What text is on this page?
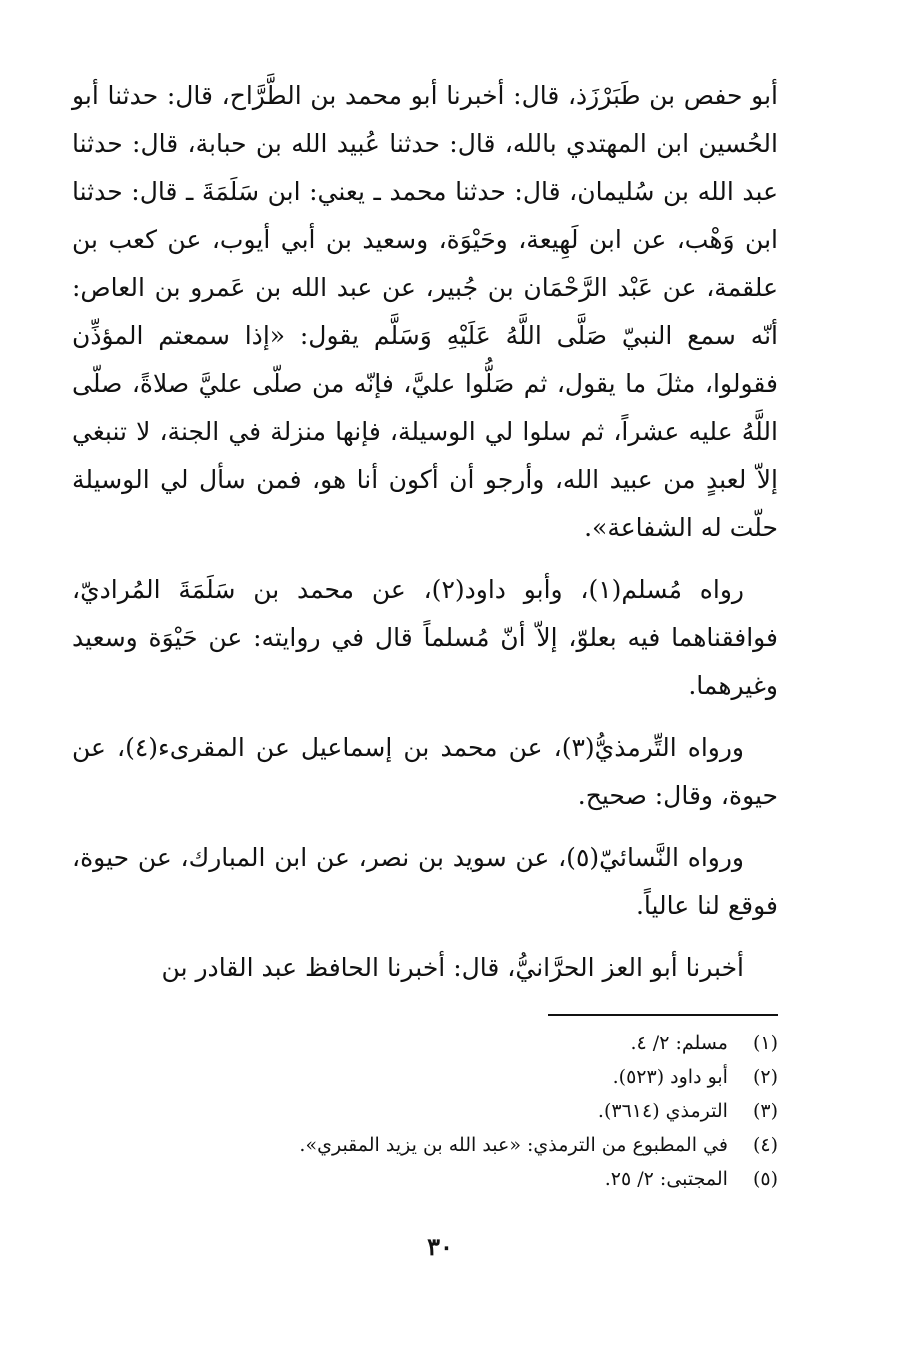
أبو حفص بن طَبَرْزَذ، قال: أخبرنا أبو محمد بن الطَّرَّاح، قال: حدثنا أبو الحُسين ابن المهتدي بالله، قال: حدثنا عُبيد الله بن حبابة، قال: حدثنا عبد الله بن سُليمان، قال: حدثنا محمد ـ يعني: ابن سَلَمَةَ ـ قال: حدثنا ابن وَهْب، عن ابن لَهِيعة، وحَيْوَة، وسعيد بن أبي أيوب، عن كعب بن علقمة، عن عَبْد الرَّحْمَان بن جُبير، عن عبد الله بن عَمرو بن العاص: أنّه سمع النبيّ صَلَّى اللَّهُ عَلَيْهِ وَسَلَّم يقول: «إذا سمعتم المؤذِّن فقولوا، مثلَ ما يقول، ثم صَلُّوا عليَّ، فإنّه من صلّى عليَّ صلاةً، صلّى اللَّهُ عليه عشراً، ثم سلوا لي الوسيلة، فإنها منزلة في الجنة، لا تنبغي إلاّ لعبدٍ من عبيد الله، وأرجو أن أكون أنا هو، فمن سأل لي الوسيلة حلّت له الشفاعة».

رواه مُسلم(١)، وأبو داود(٢)، عن محمد بن سَلَمَةَ المُراديّ، فوافقناهما فيه بعلوّ، إلاّ أنّ مُسلماً قال في روايته: عن حَيْوَة وسعيد وغيرهما.

ورواه التِّرمذيُّ(٣)، عن محمد بن إسماعيل عن المقرىء(٤)، عن حيوة، وقال: صحيح.

ورواه النَّسائيّ(٥)، عن سويد بن نصر، عن ابن المبارك، عن حيوة، فوقع لنا عالياً.

أخبرنا أبو العز الحرَّانيُّ، قال: أخبرنا الحافظ عبد القادر بن

(١) مسلم: ٢/ ٤.
(٢) أبو داود (٥٢٣).
(٣) الترمذي (٣٦١٤).
(٤) في المطبوع من الترمذي: «عبد الله بن يزيد المقبري».
(٥) المجتبى: ٢/ ٢٥.
٣٠
